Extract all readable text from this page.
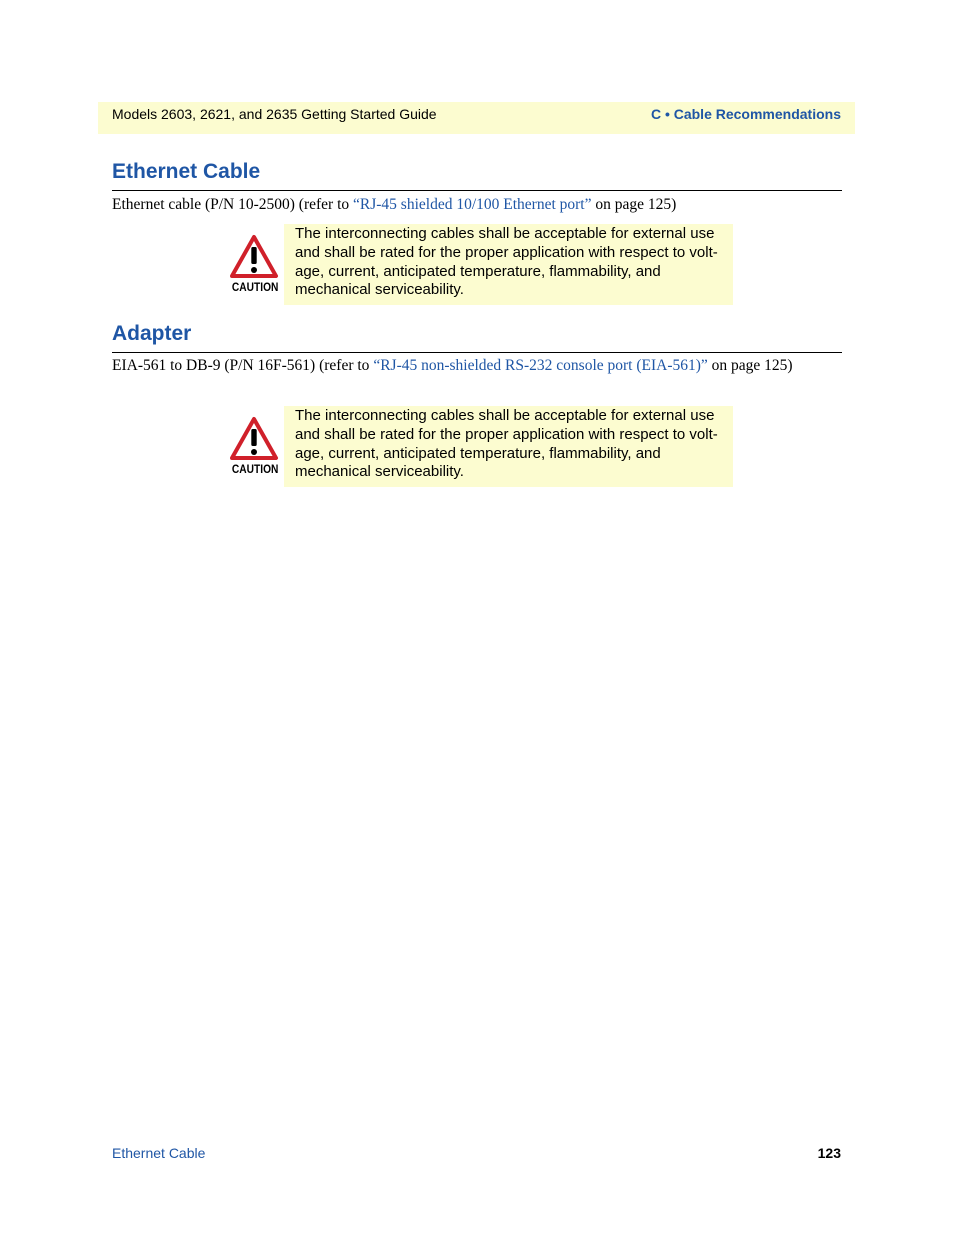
Models 2603, 2621, and 2635 Getting Started Guide	C • Cable Recommendations
Ethernet Cable
Ethernet cable (P/N 10-2500) (refer to “RJ-45 shielded 10/100 Ethernet port” on page 125)
CAUTION
The interconnecting cables shall be acceptable for external use and shall be rated for the proper application with respect to volt-age, current, anticipated temperature, flammability, and mechanical serviceability.
Adapter
EIA-561 to DB-9 (P/N 16F-561) (refer to “RJ-45 non-shielded RS-232 console port (EIA-561)” on page 125)
CAUTION
The interconnecting cables shall be acceptable for external use and shall be rated for the proper application with respect to volt-age, current, anticipated temperature, flammability, and mechanical serviceability.
Ethernet Cable	123
